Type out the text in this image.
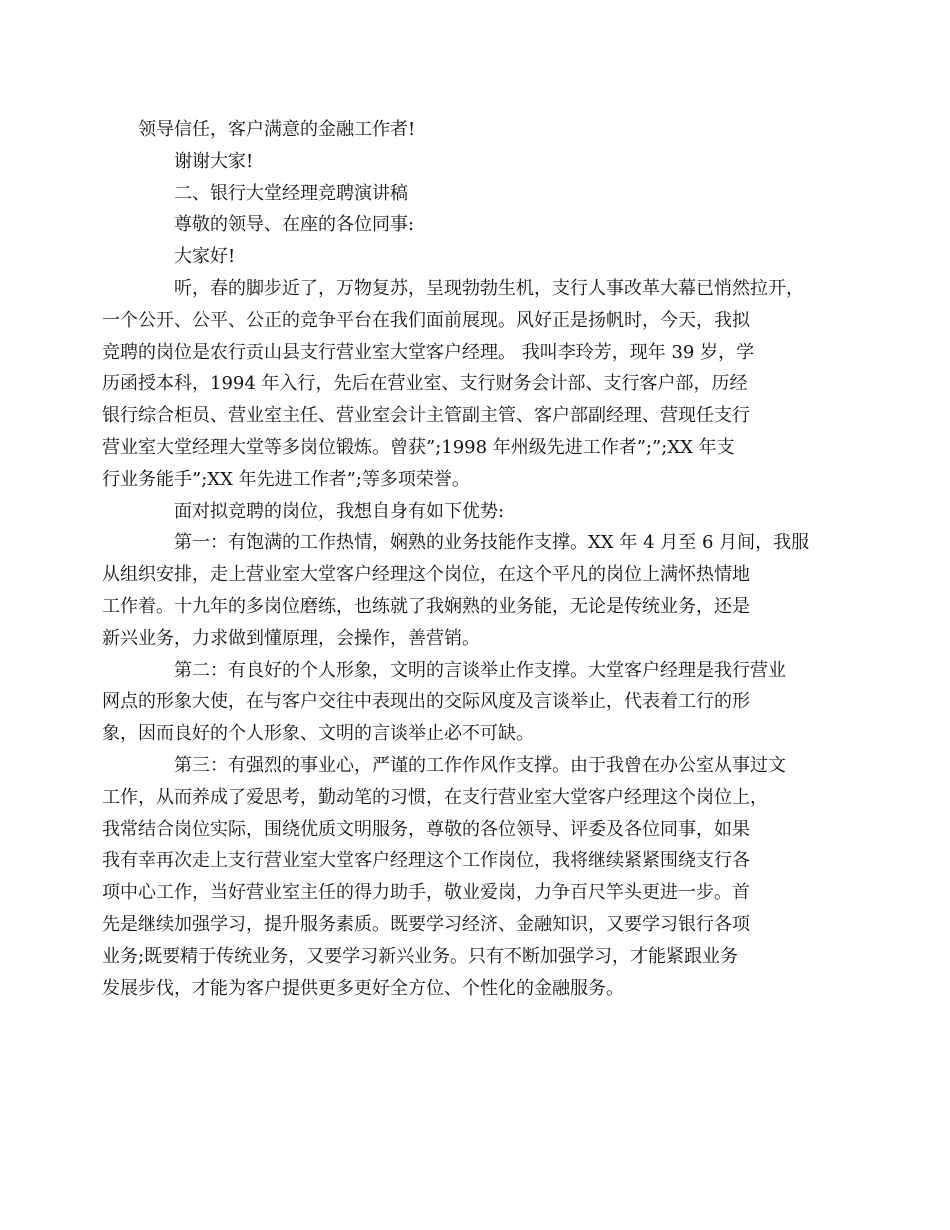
领导信任，客户满意的金融工作者!
谢谢大家!
二、银行大堂经理竞聘演讲稿
尊敬的领导、在座的各位同事:
大家好!
听，春的脚步近了，万物复苏，呈现勃勃生机，支行人事改革大幕已悄然拉开，
一个公开、公平、公正的竞争平台在我们面前展现。风好正是扬帆时，今天，我拟
竞聘的岗位是农行贡山县支行营业室大堂客户经理。 我叫李玲芳，现年 39 岁，学
历函授本科，1994 年入行，先后在营业室、支行财务会计部、支行客户部，历经
银行综合柜员、营业室主任、营业室会计主管副主管、客户部副经理、营现任支行
营业室大堂经理大堂等多岗位锻炼。曾获”;1998 年州级先进工作者”;”;XX 年支
行业务能手”;XX 年先进工作者”;等多项荣誉。
面对拟竞聘的岗位，我想自身有如下优势:
第一：有饱满的工作热情，娴熟的业务技能作支撑。XX 年 4 月至 6 月间，我服
从组织安排，走上营业室大堂客户经理这个岗位，在这个平凡的岗位上满怀热情地
工作着。十九年的多岗位磨练，也练就了我娴熟的业务能，无论是传统业务，还是
新兴业务，力求做到懂原理，会操作，善营销。
第二：有良好的个人形象，文明的言谈举止作支撑。大堂客户经理是我行营业
网点的形象大使，在与客户交往中表现出的交际风度及言谈举止，代表着工行的形
象，因而良好的个人形象、文明的言谈举止必不可缺。
第三：有强烈的事业心，严谨的工作作风作支撑。由于我曾在办公室从事过文
工作，从而养成了爱思考，勤动笔的习惯，在支行营业室大堂客户经理这个岗位上，
我常结合岗位实际，围绕优质文明服务，尊敬的各位领导、评委及各位同事，如果
我有幸再次走上支行营业室大堂客户经理这个工作岗位，我将继续紧紧围绕支行各
项中心工作，当好营业室主任的得力助手，敬业爱岗，力争百尺竿头更进一步。首
先是继续加强学习，提升服务素质。既要学习经济、金融知识，又要学习银行各项
业务;既要精于传统业务，又要学习新兴业务。只有不断加强学习，才能紧跟业务
发展步伐，才能为客户提供更多更好全方位、个性化的金融服务。
